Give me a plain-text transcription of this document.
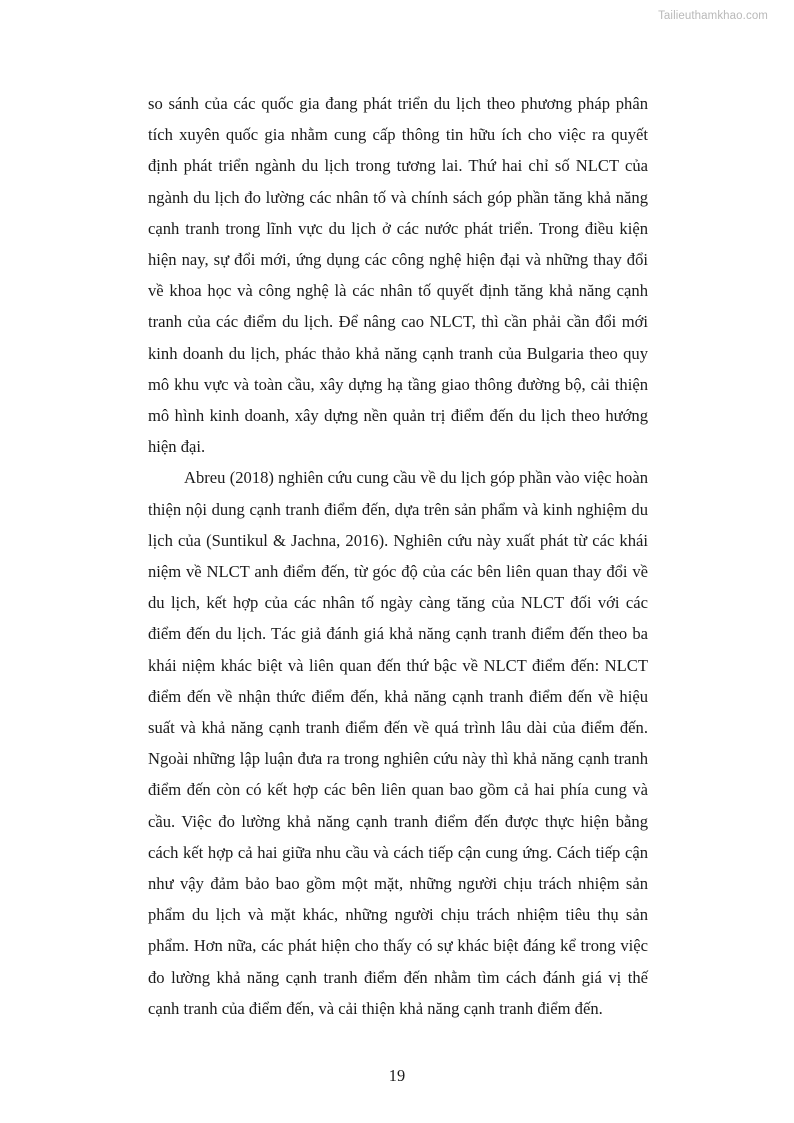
Tailieuthamkhao.com

so sánh của các quốc gia đang phát triển du lịch theo phương pháp phân tích xuyên quốc gia nhằm cung cấp thông tin hữu ích cho việc ra quyết định phát triển ngành du lịch trong tương lai. Thứ hai chỉ số NLCT của ngành du lịch đo lường các nhân tố và chính sách góp phần tăng khả năng cạnh tranh trong lĩnh vực du lịch ở các nước phát triển. Trong điều kiện hiện nay, sự đổi mới, ứng dụng các công nghệ hiện đại và những thay đổi về khoa học và công nghệ là các nhân tố quyết định tăng khả năng cạnh tranh của các điểm du lịch. Để nâng cao NLCT, thì cần phải cần đổi mới kinh doanh du lịch, phác thảo khả năng cạnh tranh của Bulgaria theo quy mô khu vực và toàn cầu, xây dựng hạ tầng giao thông đường bộ, cải thiện mô hình kinh doanh, xây dựng nền quản trị điểm đến du lịch theo hướng hiện đại.

Abreu (2018) nghiên cứu cung cầu về du lịch góp phần vào việc hoàn thiện nội dung cạnh tranh điểm đến, dựa trên sản phẩm và kinh nghiệm du lịch của (Suntikul & Jachna, 2016). Nghiên cứu này xuất phát từ các khái niệm về NLCT anh điểm đến, từ góc độ của các bên liên quan thay đổi về du lịch, kết hợp của các nhân tố ngày càng tăng của NLCT đối với các điểm đến du lịch. Tác giả đánh giá khả năng cạnh tranh điểm đến theo ba khái niệm khác biệt và liên quan đến thứ bậc về NLCT điểm đến: NLCT điểm đến về nhận thức điểm đến, khả năng cạnh tranh điểm đến về hiệu suất và khả năng cạnh tranh điểm đến về quá trình lâu dài của điểm đến. Ngoài những lập luận đưa ra trong nghiên cứu này thì khả năng cạnh tranh điểm đến còn có kết hợp các bên liên quan bao gồm cả hai phía cung và cầu. Việc đo lường khả năng cạnh tranh điểm đến được thực hiện bằng cách kết hợp cả hai giữa nhu cầu và cách tiếp cận cung ứng. Cách tiếp cận như vậy đảm bảo bao gồm một mặt, những người chịu trách nhiệm sản phẩm du lịch và mặt khác, những người chịu trách nhiệm tiêu thụ sản phẩm. Hơn nữa, các phát hiện cho thấy có sự khác biệt đáng kể trong việc đo lường khả năng cạnh tranh điểm đến nhằm tìm cách đánh giá vị thế cạnh tranh của điểm đến, và cải thiện khả năng cạnh tranh điểm đến.

19
